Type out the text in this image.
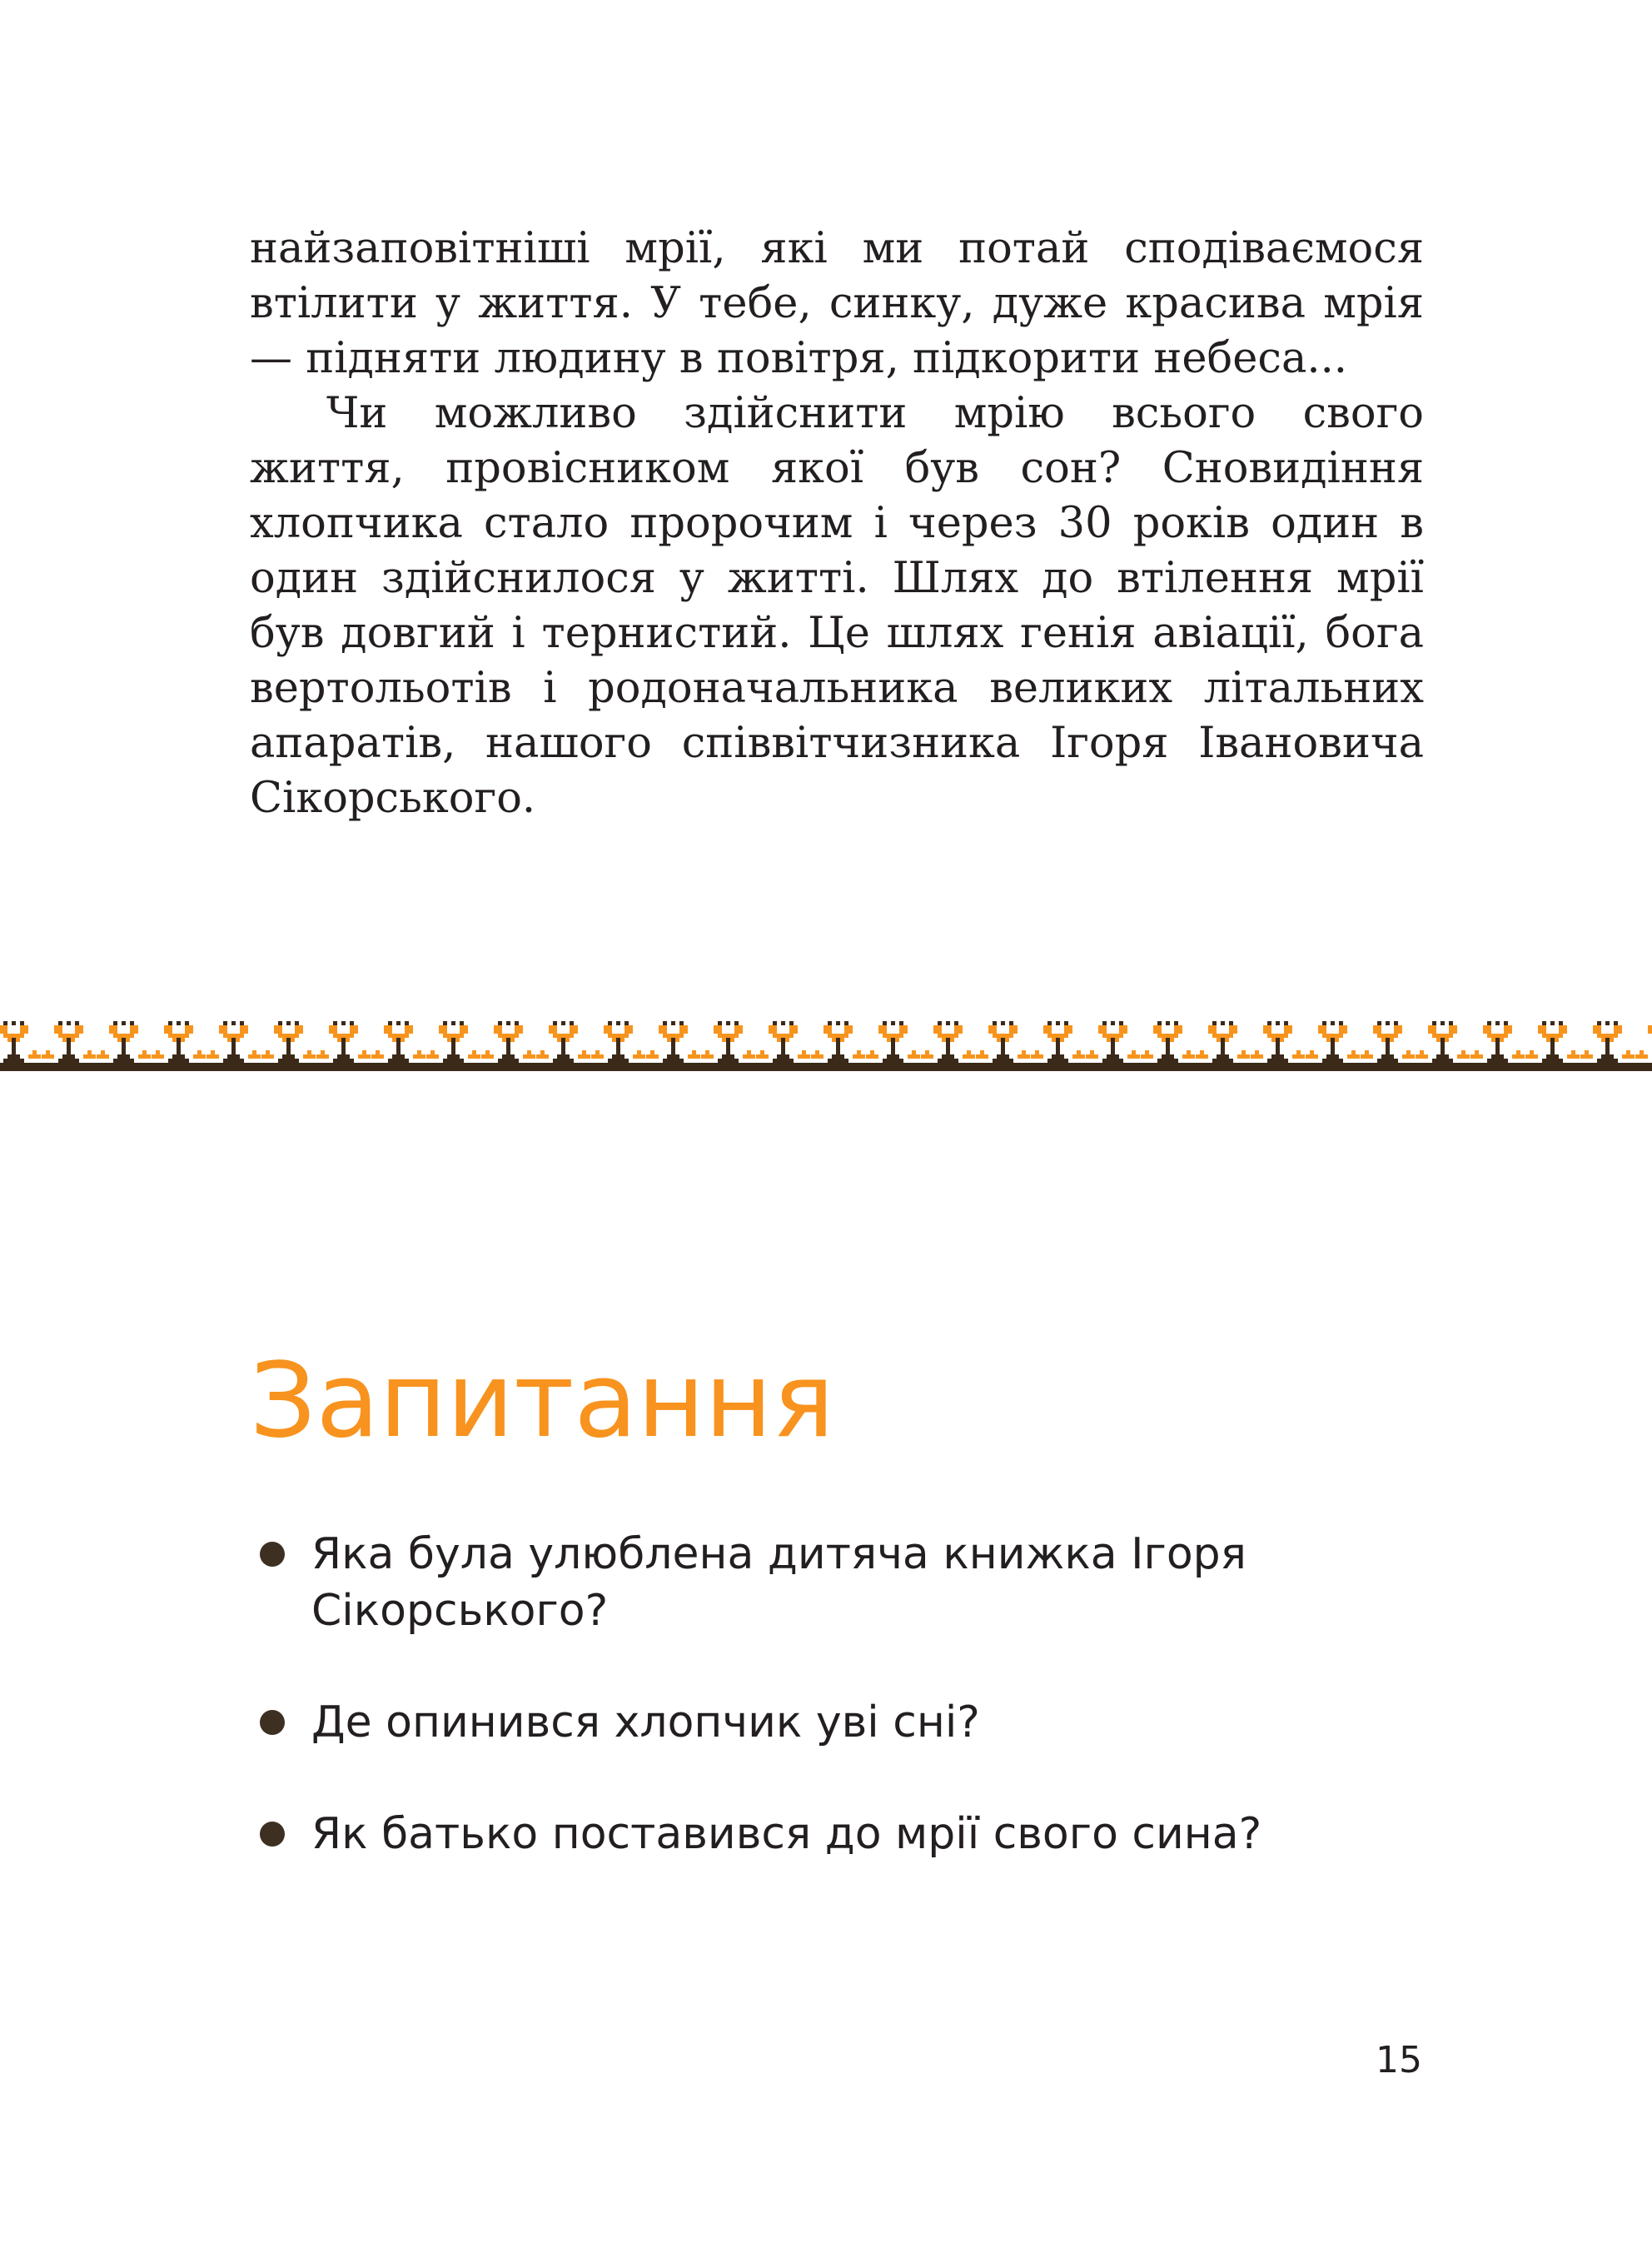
найзаповітніші мрії, які ми потай сподіваємося втілити у життя. У тебе, синку, дуже красива мрія — підняти людину в повітря, підкорити небеса...

Чи можливо здійснити мрію всього свого життя, провісником якої був сон? Сновидіння хлопчика стало пророчим і через 30 років один в один здійснилося у житті. Шлях до втілення мрії був довгий і тернистий. Це шлях генія авіації, бога вертольотів і родоначальника великих літальних апаратів, нашого співвітчизника Ігоря Івановича Сікорського.

Запитання
Яка була улюблена дитяча книжка Ігоря Сікорського?
Де опинився хлопчик уві сні?
Як батько поставився до мрії свого сина?
15
